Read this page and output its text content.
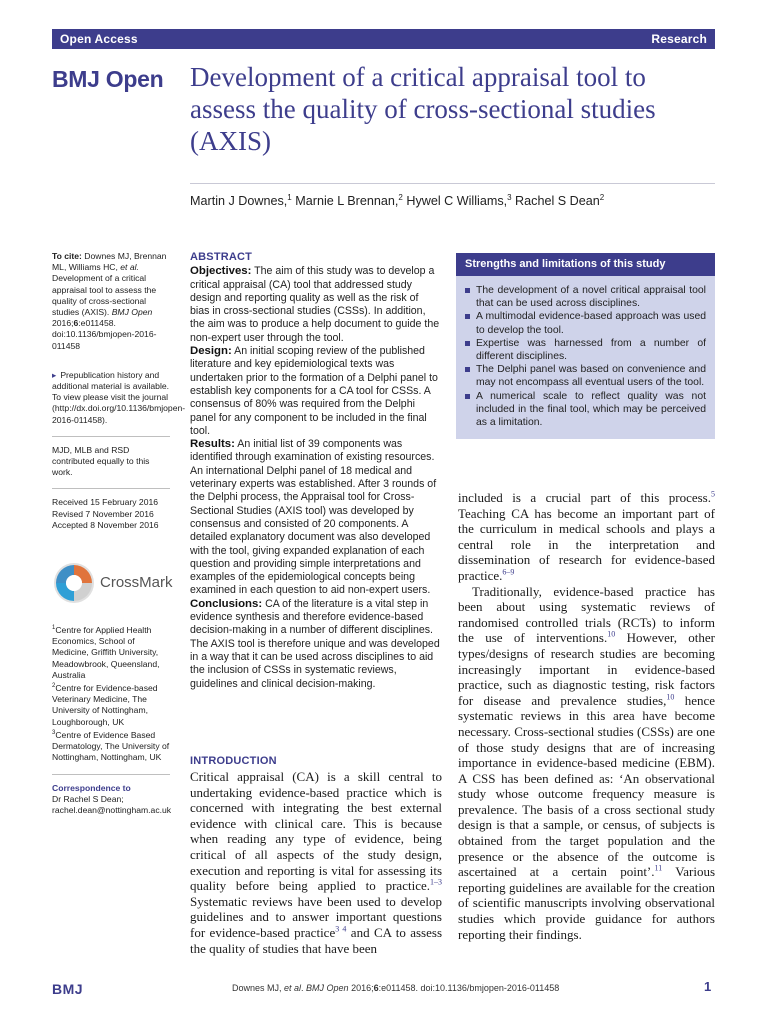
Open Access	Research
BMJ Open Development of a critical appraisal tool to assess the quality of cross-sectional studies (AXIS)
Martin J Downes,$^1$ Marnie L Brennan,$^2$ Hywel C Williams,$^3$ Rachel S Dean$^2$
To cite: Downes MJ, Brennan ML, Williams HC, et al. Development of a critical appraisal tool to assess the quality of cross-sectional studies (AXIS). BMJ Open 2016;6:e011458. doi:10.1136/bmjopen-2016-011458
▸ Prepublication history and additional material is available. To view please visit the journal (http://dx.doi.org/10.1136/bmjopen-2016-011458).
MJD, MLB and RSD contributed equally to this work.
Received 15 February 2016
Revised 7 November 2016
Accepted 8 November 2016
CrossMark
$^1$Centre for Applied Health Economics, School of Medicine, Griffith University, Meadowbrook, Queensland, Australia
$^2$Centre for Evidence-based Veterinary Medicine, The University of Nottingham, Loughborough, UK
$^3$Centre of Evidence Based Dermatology, The University of Nottingham, Nottingham, UK
Correspondence to
Dr Rachel S Dean;
rachel.dean@nottingham.ac.uk
ABSTRACT
Objectives: The aim of this study was to develop a critical appraisal (CA) tool that addressed study design and reporting quality as well as the risk of bias in cross-sectional studies (CSSs). In addition, the aim was to produce a help document to guide the non-expert user through the tool.
Design: An initial scoping review of the published literature and key epidemiological texts was undertaken prior to the formation of a Delphi panel to establish key components for a CA tool for CSSs. A consensus of 80% was required from the Delphi panel for any component to be included in the final tool.
Results: An initial list of 39 components was identified through examination of existing resources. An international Delphi panel of 18 medical and veterinary experts was established. After 3 rounds of the Delphi process, the Appraisal tool for Cross-Sectional Studies (AXIS tool) was developed by consensus and consisted of 20 components. A detailed explanatory document was also developed with the tool, giving expanded explanation of each question and providing simple interpretations and examples of the epidemiological concepts being examined in each question to aid non-expert users.
Conclusions: CA of the literature is a vital step in evidence synthesis and therefore evidence-based decision-making in a number of different disciplines. The AXIS tool is therefore unique and was developed in a way that it can be used across disciplines to aid the inclusion of CSSs in systematic reviews, guidelines and clinical decision-making.
Strengths and limitations of this study
The development of a novel critical appraisal tool that can be used across disciplines.
A multimodal evidence-based approach was used to develop the tool.
Expertise was harnessed from a number of different disciplines.
The Delphi panel was based on convenience and may not encompass all eventual users of the tool.
A numerical scale to reflect quality was not included in the final tool, which may be perceived as a limitation.
INTRODUCTION
Critical appraisal (CA) is a skill central to undertaking evidence-based practice which is concerned with integrating the best external evidence with clinical care. This is because when reading any type of evidence, being critical of all aspects of the study design, execution and reporting is vital for assessing its quality before being applied to practice.$^{1-3}$ Systematic reviews have been used to develop guidelines and to answer important questions for evidence-based practice$^{3 4}$ and CA to assess the quality of studies that have been
included is a crucial part of this process.$^5$ Teaching CA has become an important part of the curriculum in medical schools and plays a central role in the interpretation and dissemination of research for evidence-based practice.$^{6-9}$
Traditionally, evidence-based practice has been about using systematic reviews of randomised controlled trials (RCTs) to inform the use of interventions.$^{10}$ However, other types/designs of research studies are becoming increasingly important in evidence-based practice, such as diagnostic testing, risk factors for disease and prevalence studies,$^{10}$ hence systematic reviews in this area have become necessary. Cross-sectional studies (CSSs) are one of those study designs that are of increasing importance in evidence-based medicine (EBM). A CSS has been defined as: ‘An observational study whose outcome frequency measure is prevalence. The basis of a cross sectional study design is that a sample, or census, of subjects is obtained from the target population and the presence or the absence of the outcome is ascertained at a certain point’.$^{11}$ Various reporting guidelines are available for the creation of scientific manuscripts involving observational studies which provide guidance for authors reporting their findings.
BMJ	Downes MJ, et al. BMJ Open 2016;6:e011458. doi:10.1136/bmjopen-2016-011458	1
